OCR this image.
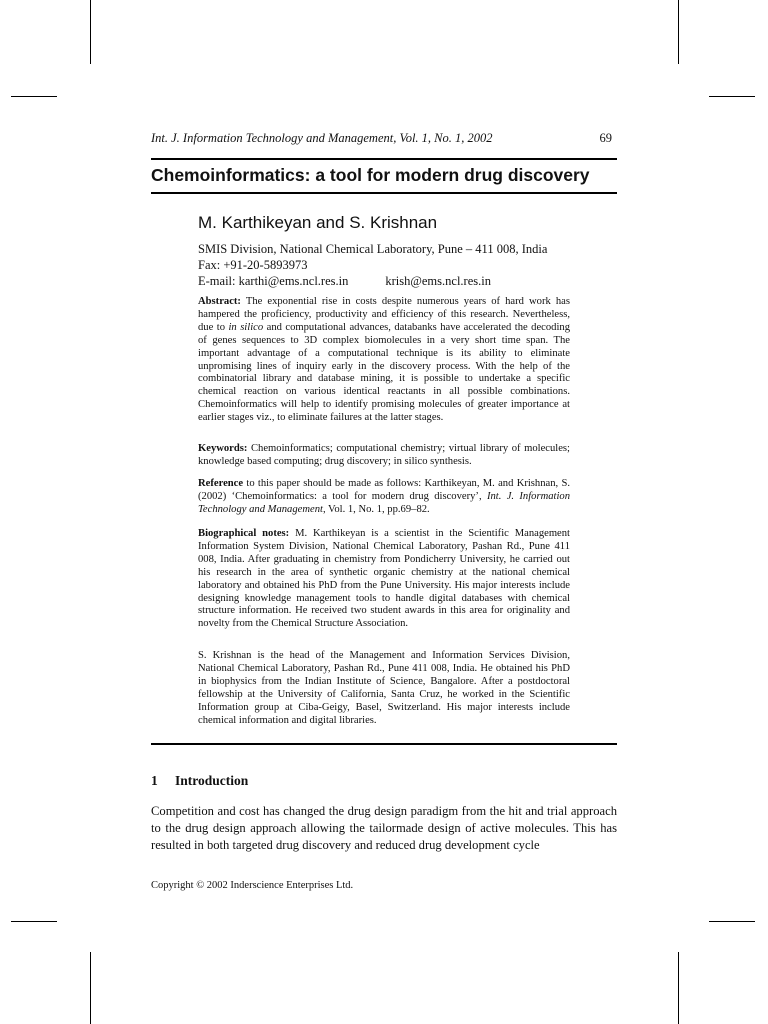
Int. J. Information Technology and Management, Vol. 1, No. 1, 2002	69
Chemoinformatics: a tool for modern drug discovery
M. Karthikeyan and S. Krishnan
SMIS Division, National Chemical Laboratory, Pune – 411 008, India
Fax: +91-20-5893973
E-mail: karthi@ems.ncl.res.in	krish@ems.ncl.res.in
Abstract: The exponential rise in costs despite numerous years of hard work has hampered the proficiency, productivity and efficiency of this research. Nevertheless, due to in silico and computational advances, databanks have accelerated the decoding of genes sequences to 3D complex biomolecules in a very short time span. The important advantage of a computational technique is its ability to eliminate unpromising lines of inquiry early in the discovery process. With the help of the combinatorial library and database mining, it is possible to undertake a specific chemical reaction on various identical reactants in all possible combinations. Chemoinformatics will help to identify promising molecules of greater importance at earlier stages viz., to eliminate failures at the latter stages.
Keywords: Chemoinformatics; computational chemistry; virtual library of molecules; knowledge based computing; drug discovery; in silico synthesis.
Reference to this paper should be made as follows: Karthikeyan, M. and Krishnan, S. (2002) ‘Chemoinformatics: a tool for modern drug discovery’, Int. J. Information Technology and Management, Vol. 1, No. 1, pp.69–82.
Biographical notes: M. Karthikeyan is a scientist in the Scientific Management Information System Division, National Chemical Laboratory, Pashan Rd., Pune 411 008, India. After graduating in chemistry from Pondicherry University, he carried out his research in the area of synthetic organic chemistry at the national chemical laboratory and obtained his PhD from the Pune University. His major interests include designing knowledge management tools to handle digital databases with chemical structure information. He received two student awards in this area for originality and novelty from the Chemical Structure Association.
S. Krishnan is the head of the Management and Information Services Division, National Chemical Laboratory, Pashan Rd., Pune 411 008, India. He obtained his PhD in biophysics from the Indian Institute of Science, Bangalore. After a postdoctoral fellowship at the University of California, Santa Cruz, he worked in the Scientific Information group at Ciba-Geigy, Basel, Switzerland. His major interests include chemical information and digital libraries.
1 Introduction
Competition and cost has changed the drug design paradigm from the hit and trial approach to the drug design approach allowing the tailormade design of active molecules. This has resulted in both targeted drug discovery and reduced drug development cycle
Copyright © 2002 Inderscience Enterprises Ltd.
